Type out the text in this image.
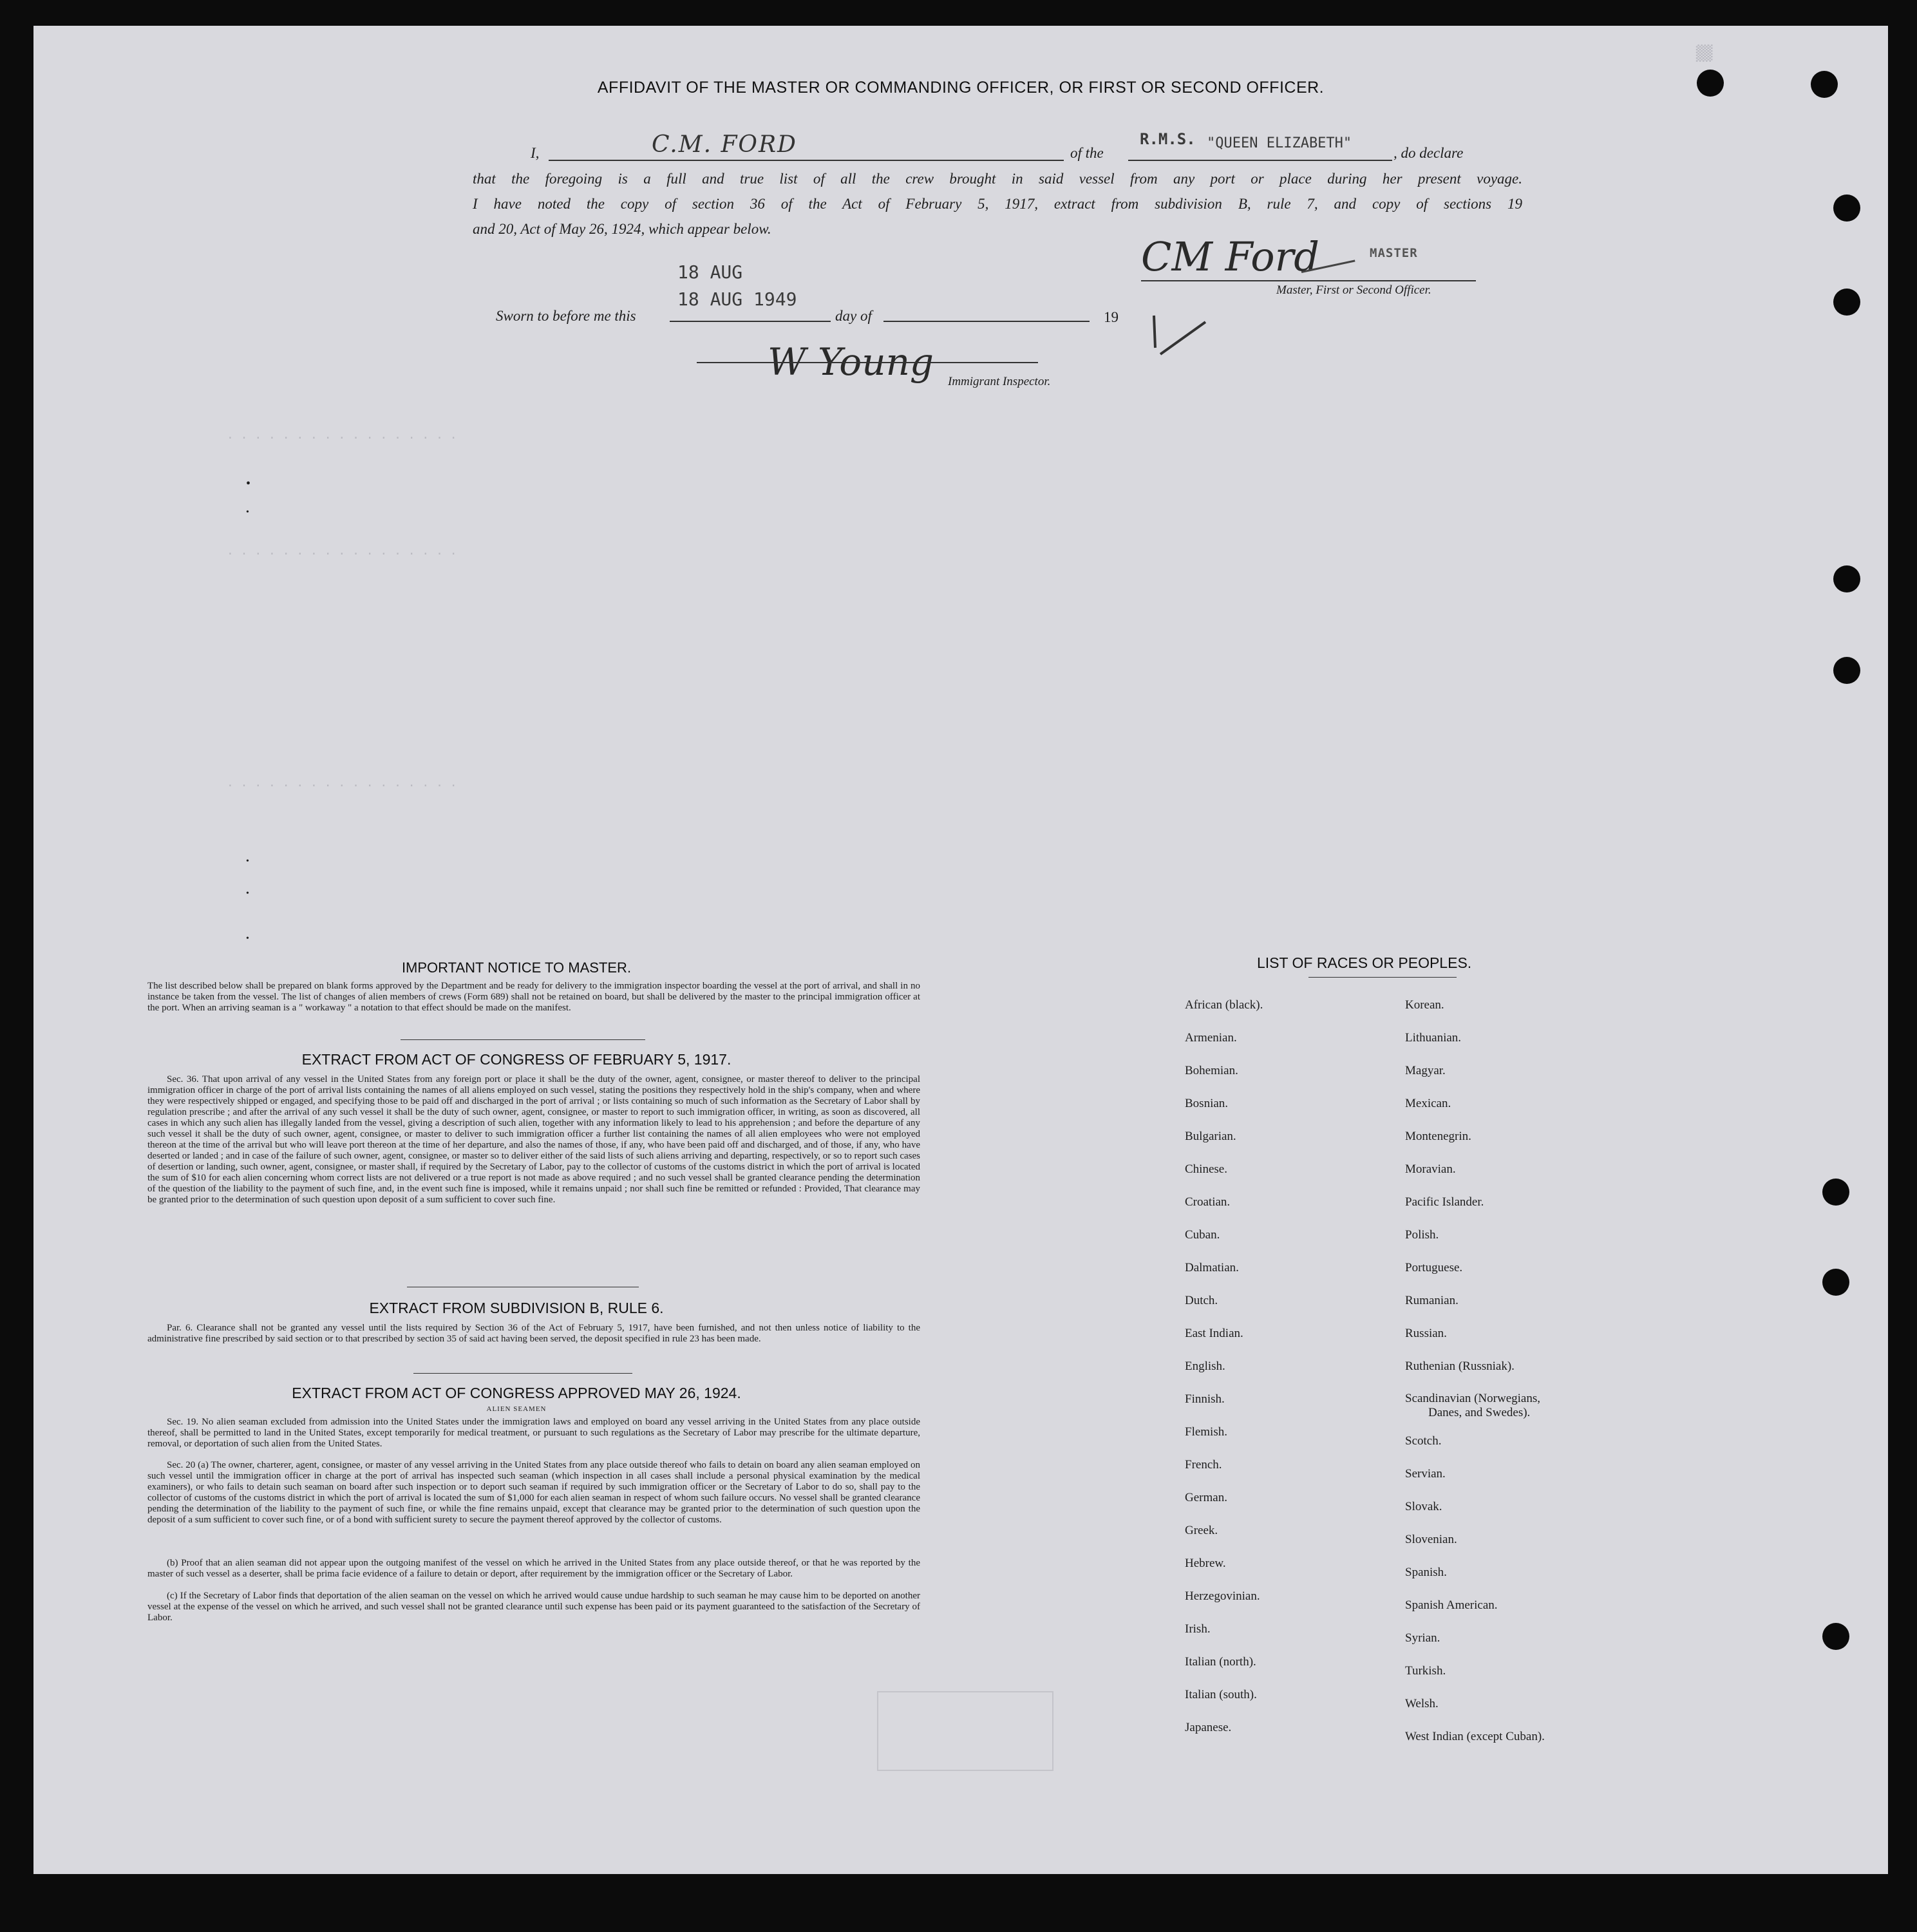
▒▒
. . . . . . . . . . . . . . . . .
. . . . . . . . . . . . . . . . .
. . . . . . . . . . . . . . . . .
AFFIDAVIT OF THE MASTER OR COMMANDING OFFICER, OR FIRST OR SECOND OFFICER.
I,	C.M. FORD	of the
R.M.S. "QUEEN ELIZABETH"
, do declare
that the foregoing is a full and true list of all the crew brought in said vessel from any port or place during her present voyage.
I have noted the copy of section 36 of the Act of February 5, 1917, extract from subdivision B, rule 7, and copy of sections 19
and 20, Act of May 26, 1924, which appear below.
CM Ford	MASTER
Master, First or Second Officer.
18 AUG
18 AUG 1949
Sworn to before me this	day of	19
W Young Immigrant Inspector.
•
•
•
•
•
IMPORTANT NOTICE TO MASTER.
The list described below shall be prepared on blank forms approved by the Department and be ready for delivery to the immigration inspector boarding the vessel at the port of arrival, and shall in no instance be taken from the vessel. The list of changes of alien members of crews (Form 689) shall not be retained on board, but shall be delivered by the master to the principal immigration officer at the port. When an arriving seaman is a " workaway " a notation to that effect should be made on the manifest.
EXTRACT FROM ACT OF CONGRESS OF FEBRUARY 5, 1917.
Sec. 36. That upon arrival of any vessel in the United States from any foreign port or place it shall be the duty of the owner, agent, consignee, or master thereof to deliver to the principal immigration officer in charge of the port of arrival lists containing the names of all aliens employed on such vessel, stating the positions they respectively hold in the ship's company, when and where they were respectively shipped or engaged, and specifying those to be paid off and discharged in the port of arrival ; or lists containing so much of such information as the Secretary of Labor shall by regulation prescribe ; and after the arrival of any such vessel it shall be the duty of such owner, agent, consignee, or master to report to such immigration officer, in writing, as soon as discovered, all cases in which any such alien has illegally landed from the vessel, giving a description of such alien, together with any information likely to lead to his apprehension ; and before the departure of any such vessel it shall be the duty of such owner, agent, consignee, or master to deliver to such immigration officer a further list containing the names of all alien employees who were not employed thereon at the time of the arrival but who will leave port thereon at the time of her departure, and also the names of those, if any, who have been paid off and discharged, and of those, if any, who have deserted or landed ; and in case of the failure of such owner, agent, consignee, or master so to deliver either of the said lists of such aliens arriving and departing, respectively, or so to report such cases of desertion or landing, such owner, agent, consignee, or master shall, if required by the Secretary of Labor, pay to the collector of customs of the customs district in which the port of arrival is located the sum of $10 for each alien concerning whom correct lists are not delivered or a true report is not made as above required ; and no such vessel shall be granted clearance pending the determination of the question of the liability to the payment of such fine, and, in the event such fine is imposed, while it remains unpaid ; nor shall such fine be remitted or refunded : Provided, That clearance may be granted prior to the determination of such question upon deposit of a sum sufficient to cover such fine.
EXTRACT FROM SUBDIVISION B, RULE 6.
Par. 6. Clearance shall not be granted any vessel until the lists required by Section 36 of the Act of February 5, 1917, have been furnished, and not then unless notice of liability to the administrative fine prescribed by said section or to that prescribed by section 35 of said act having been served, the deposit specified in rule 23 has been made.
EXTRACT FROM ACT OF CONGRESS APPROVED MAY 26, 1924.
ALIEN SEAMEN
Sec. 19. No alien seaman excluded from admission into the United States under the immigration laws and employed on board any vessel arriving in the United States from any place outside thereof, shall be permitted to land in the United States, except temporarily for medical treatment, or pursuant to such regulations as the Secretary of Labor may prescribe for the ultimate departure, removal, or deportation of such alien from the United States.
Sec. 20 (a) The owner, charterer, agent, consignee, or master of any vessel arriving in the United States from any place outside thereof who fails to detain on board any alien seaman employed on such vessel until the immigration officer in charge at the port of arrival has inspected such seaman (which inspection in all cases shall include a personal physical examination by the medical examiners), or who fails to detain such seaman on board after such inspection or to deport such seaman if required by such immigration officer or the Secretary of Labor to do so, shall pay to the collector of customs of the customs district in which the port of arrival is located the sum of $1,000 for each alien seaman in respect of whom such failure occurs. No vessel shall be granted clearance pending the determination of the liability to the payment of such fine, or while the fine remains unpaid, except that clearance may be granted prior to the determination of such question upon the deposit of a sum sufficient to cover such fine, or of a bond with sufficient surety to secure the payment thereof approved by the collector of customs.
(b) Proof that an alien seaman did not appear upon the outgoing manifest of the vessel on which he arrived in the United States from any place outside thereof, or that he was reported by the master of such vessel as a deserter, shall be prima facie evidence of a failure to detain or deport, after requirement by the immigration officer or the Secretary of Labor.
(c) If the Secretary of Labor finds that deportation of the alien seaman on the vessel on which he arrived would cause undue hardship to such seaman he may cause him to be deported on another vessel at the expense of the vessel on which he arrived, and such vessel shall not be granted clearance until such expense has been paid or its payment guaranteed to the satisfaction of the Secretary of Labor.
LIST OF RACES OR PEOPLES.
African (black).
Armenian.
Bohemian.
Bosnian.
Bulgarian.
Chinese.
Croatian.
Cuban.
Dalmatian.
Dutch.
East Indian.
English.
Finnish.
Flemish.
French.
German.
Greek.
Hebrew.
Herzegovinian.
Irish.
Italian (north).
Italian (south).
Japanese.
Korean.
Lithuanian.
Magyar.
Mexican.
Montenegrin.
Moravian.
Pacific Islander.
Polish.
Portuguese.
Rumanian.
Russian.
Ruthenian (Russniak).
Scandinavian (Norwegians,
Danes, and Swedes).
Scotch.
Servian.
Slovak.
Slovenian.
Spanish.
Spanish American.
Syrian.
Turkish.
Welsh.
West Indian (except Cuban).
